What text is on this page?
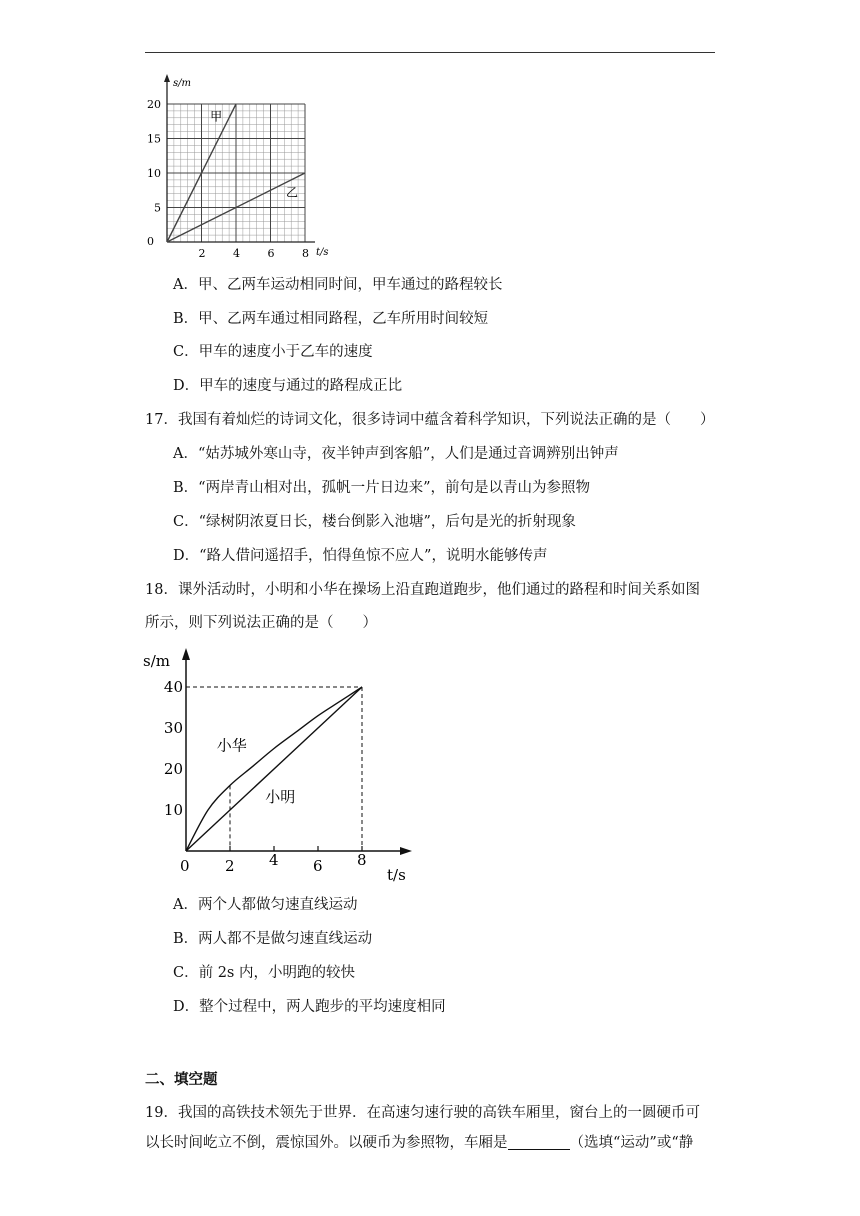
0
2	4	6	8
5
10
15
20
s/m
t/s
甲
乙
A．甲、乙两车运动相同时间，甲车通过的路程较长
B．甲、乙两车通过相同路程，乙车所用时间较短
C．甲车的速度小于乙车的速度
D．甲车的速度与通过的路程成正比
17．我国有着灿烂的诗词文化，很多诗词中蕴含着科学知识，下列说法正确的是（　　）
A．“姑苏城外寒山寺，夜半钟声到客船”，人们是通过音调辨别出钟声
B．“两岸青山相对出，孤帆一片日边来”，前句是以青山为参照物
C．“绿树阴浓夏日长，楼台倒影入池塘”，后句是光的折射现象
D．“路人借问遥招手，怕得鱼惊不应人”，说明水能够传声
18．课外活动时，小明和小华在操场上沿直跑道跑步，他们通过的路程和时间关系如图
所示，则下列说法正确的是（　　）
0 2 4 6 8
10
20
30
40
s/m
t/s
小华
小明
A．两个人都做匀速直线运动
B．两人都不是做匀速直线运动
C．前 2s 内，小明跑的较快
D．整个过程中，两人跑步的平均速度相同
二、填空题
19．我国的高铁技术领先于世界．在高速匀速行驶的高铁车厢里，窗台上的一圆硬币可
以长时间屹立不倒，震惊国外。以硬币为参照物，车厢是	（选填“运动”或“静
